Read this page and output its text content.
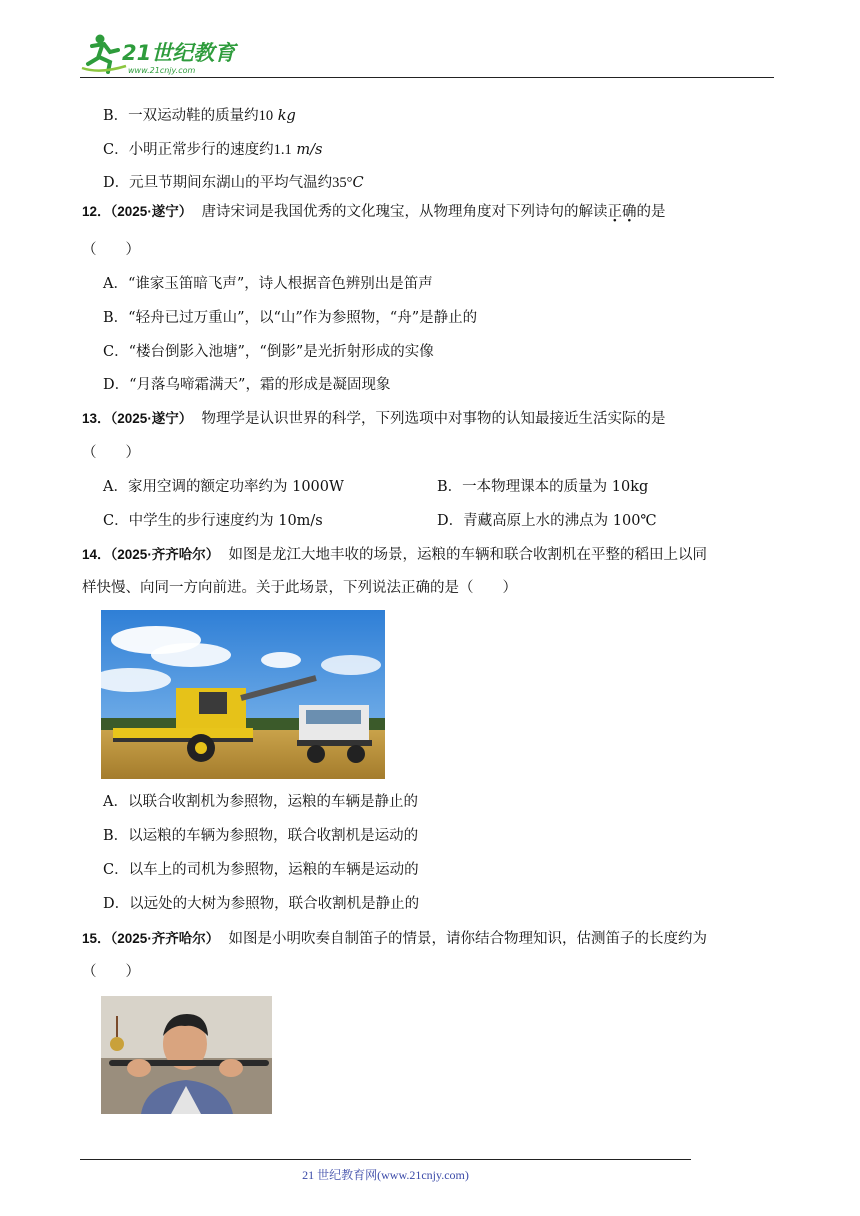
21世纪教育
www.21cnjy.com
B．一双运动鞋的质量约10 kg
C．小明正常步行的速度约1.1 m/s
D．元旦节期间东湖山的平均气温约35°C
12．（2025·遂宁） 唐诗宋词是我国优秀的文化瑰宝，从物理角度对下列诗句的解读正确的是
（　　）
A．“谁家玉笛暗飞声”，诗人根据音色辨别出是笛声
B．“轻舟已过万重山”，以“山”作为参照物，“舟”是静止的
C．“楼台倒影入池塘”，“倒影”是光折射形成的实像
D．“月落乌啼霜满天”，霜的形成是凝固现象
13．（2025·遂宁） 物理学是认识世界的科学，下列选项中对事物的认知最接近生活实际的是
（　　）
A．家用空调的额定功率约为 1000W	B．一本物理课本的质量为 10kg
C．中学生的步行速度约为 10m/s	D．青藏高原上水的沸点为 100℃
14．（2025·齐齐哈尔） 如图是龙江大地丰收的场景，运粮的车辆和联合收割机在平整的稻田上以同
样快慢、向同一方向前进。关于此场景，下列说法正确的是（　　）
A．以联合收割机为参照物，运粮的车辆是静止的
B．以运粮的车辆为参照物，联合收割机是运动的
C．以车上的司机为参照物，运粮的车辆是运动的
D．以远处的大树为参照物，联合收割机是静止的
15．（2025·齐齐哈尔） 如图是小明吹奏自制笛子的情景，请你结合物理知识，估测笛子的长度约为
（　　）
21 世纪教育网(www.21cnjy.com)
